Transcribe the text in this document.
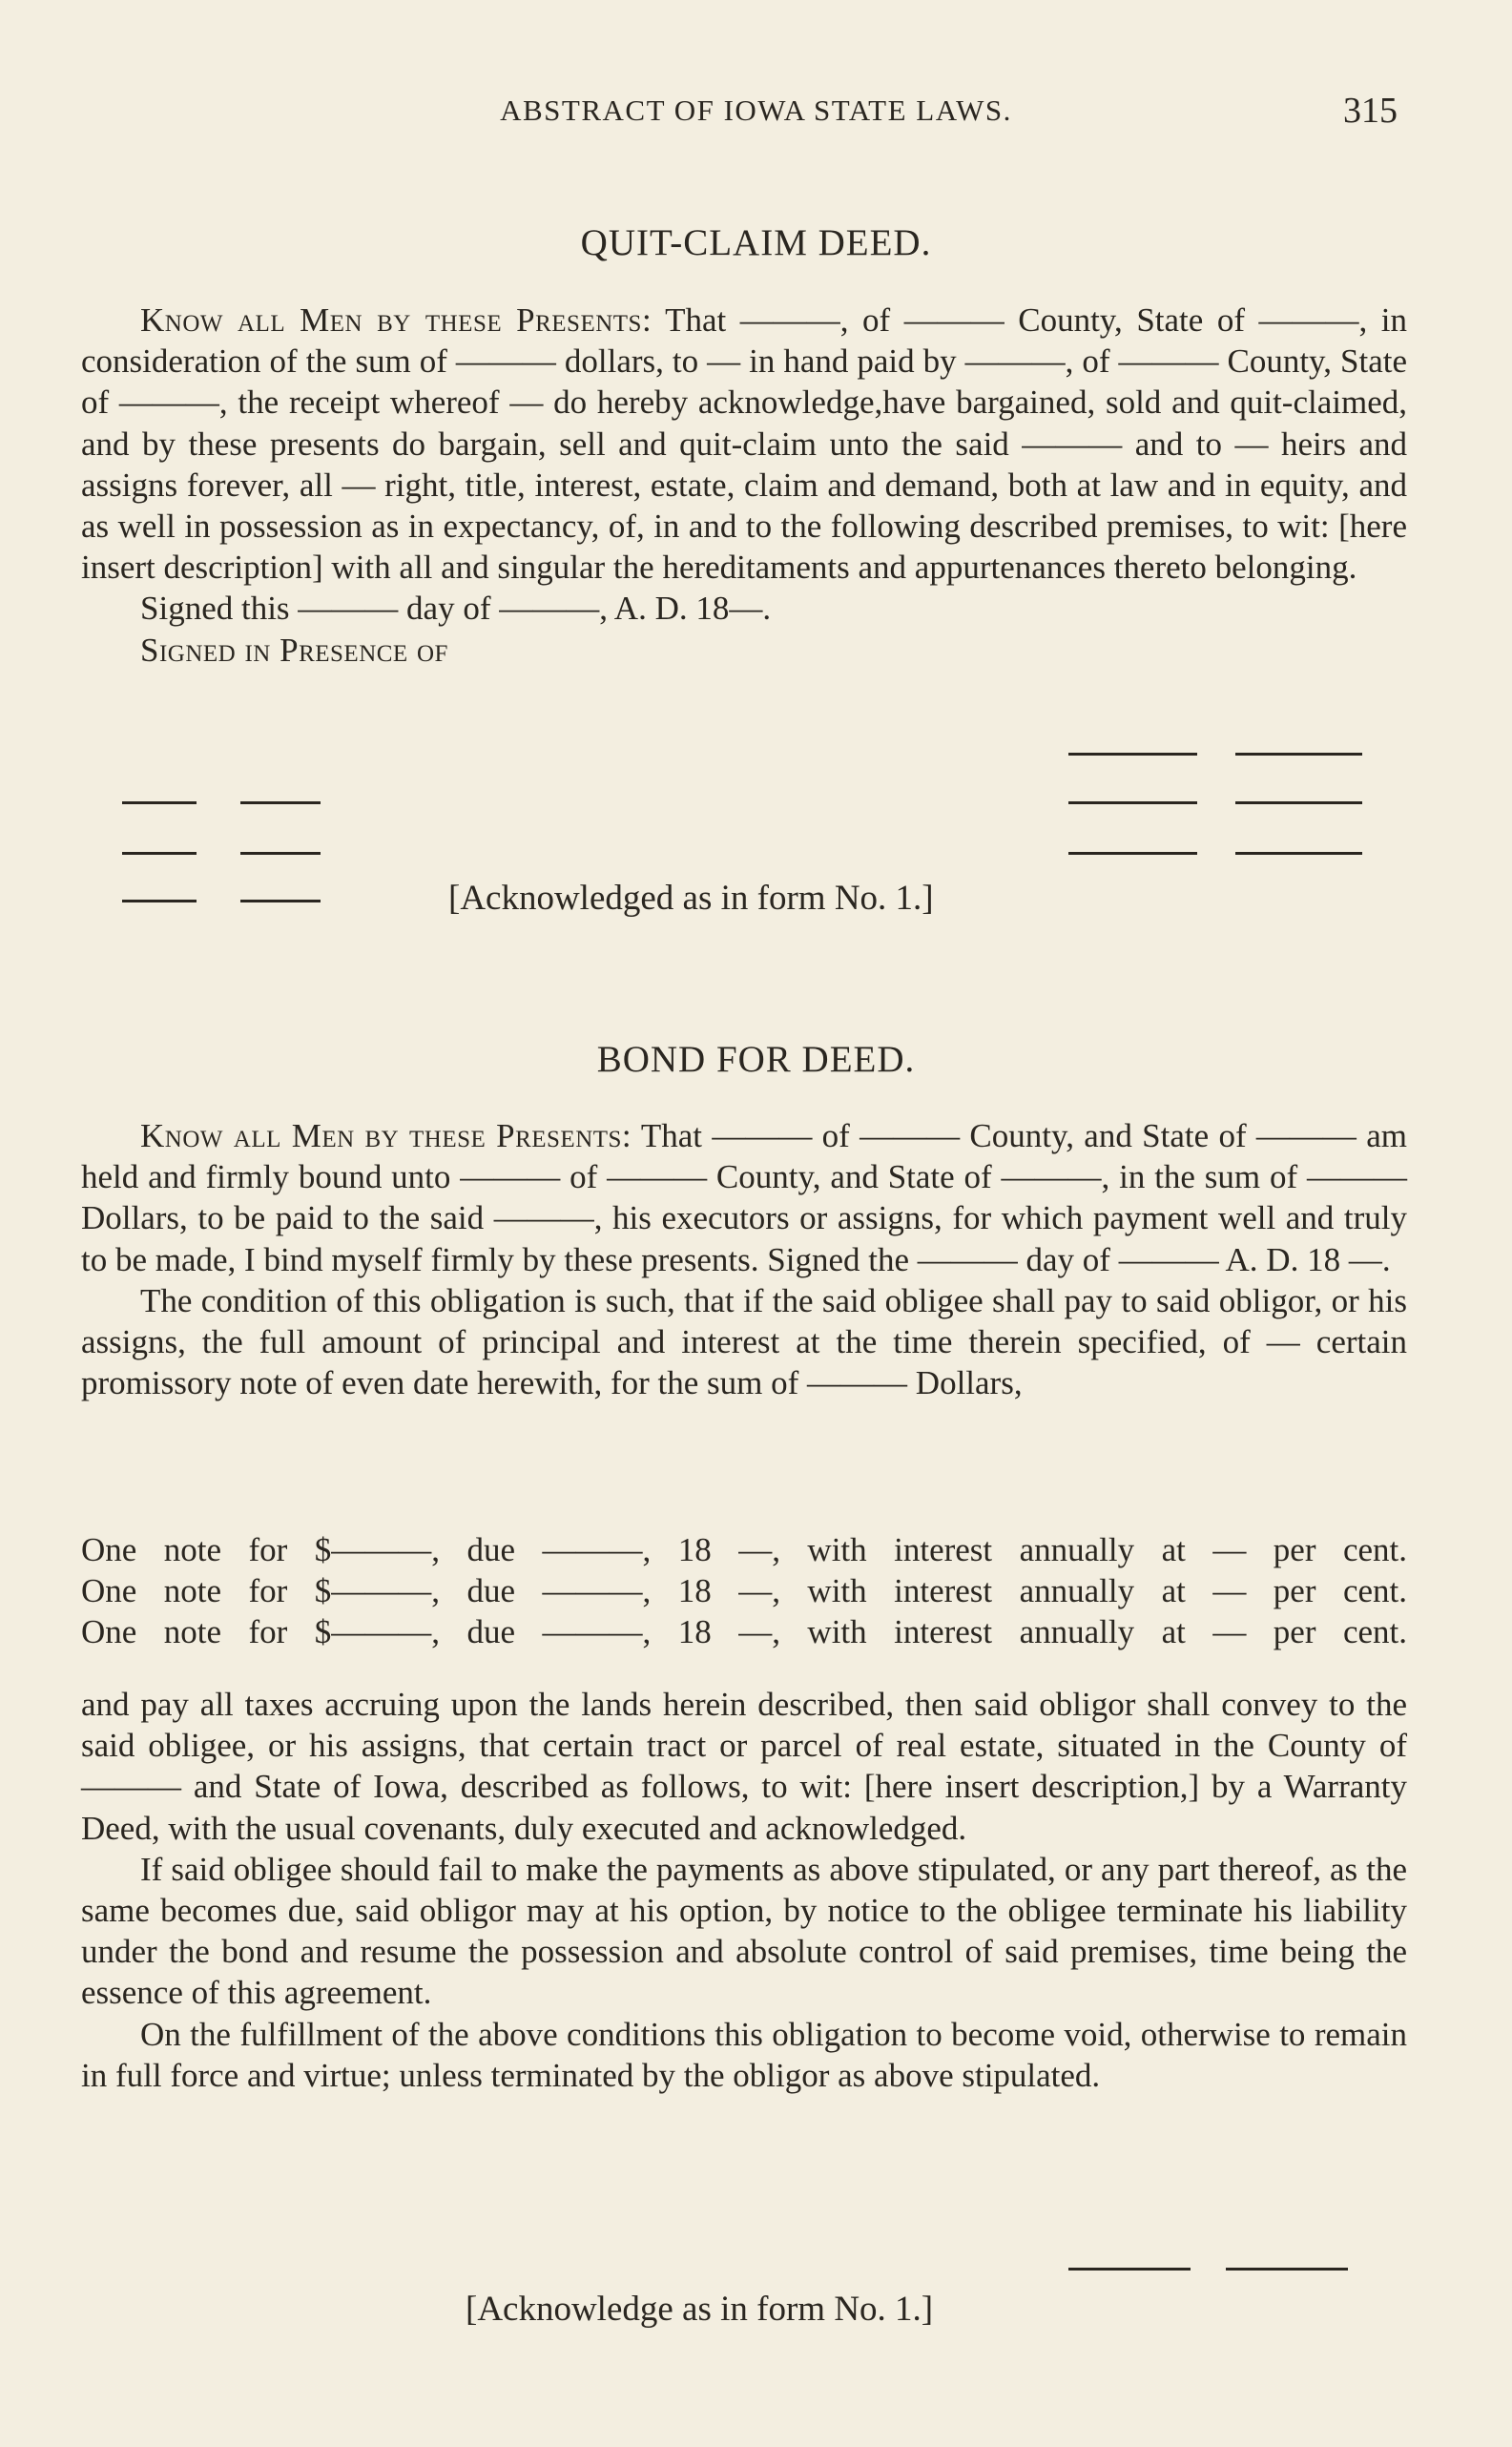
ABSTRACT OF IOWA STATE LAWS.	315
QUIT-CLAIM DEED.

Know all Men by these Presents: That ———, of ——— County, State of ———, in consideration of the sum of ——— dollars, to — in hand paid by ———, of ——— County, State of ———, the receipt whereof — do hereby acknowledge,have bargained, sold and quit-claimed, and by these presents do bargain, sell and quit-claim unto the said ——— and to — heirs and assigns forever, all — right, title, interest, estate, claim and demand, both at law and in equity, and as well in possession as in expectancy, of, in and to the following described premises, to wit: [here insert description] with all and singular the hereditaments and appurtenances thereto belonging.

Signed this ——— day of ———, A. D. 18—.

Signed in Presence of

[Acknowledged as in form No. 1.]
BOND FOR DEED.

Know all Men by these Presents: That ——— of ——— County, and State of ——— am held and firmly bound unto ——— of ——— County, and State of ———, in the sum of ——— Dollars, to be paid to the said ———, his executors or assigns, for which payment well and truly to be made, I bind myself firmly by these presents. Signed the ——— day of ——— A. D. 18 —.

The condition of this obligation is such, that if the said obligee shall pay to said obligor, or his assigns, the full amount of principal and interest at the time therein specified, of — certain promissory note of even date herewith, for the sum of ——— Dollars,

One note for $———, due ———, 18 —, with interest annually at — per cent.
One note for $———, due ———, 18 —, with interest annually at — per cent.
One note for $———, due ———, 18 —, with interest annually at — per cent.

and pay all taxes accruing upon the lands herein described, then said obligor shall convey to the said obligee, or his assigns, that certain tract or parcel of real estate, situated in the County of ——— and State of Iowa, described as follows, to wit: [here insert description,] by a Warranty Deed, with the usual covenants, duly executed and acknowledged.

If said obligee should fail to make the payments as above stipulated, or any part thereof, as the same becomes due, said obligor may at his option, by notice to the obligee terminate his liability under the bond and resume the possession and absolute control of said premises, time being the essence of this agreement.

On the fulfillment of the above conditions this obligation to become void, otherwise to remain in full force and virtue; unless terminated by the obligor as above stipulated.

[Acknowledge as in form No. 1.]
